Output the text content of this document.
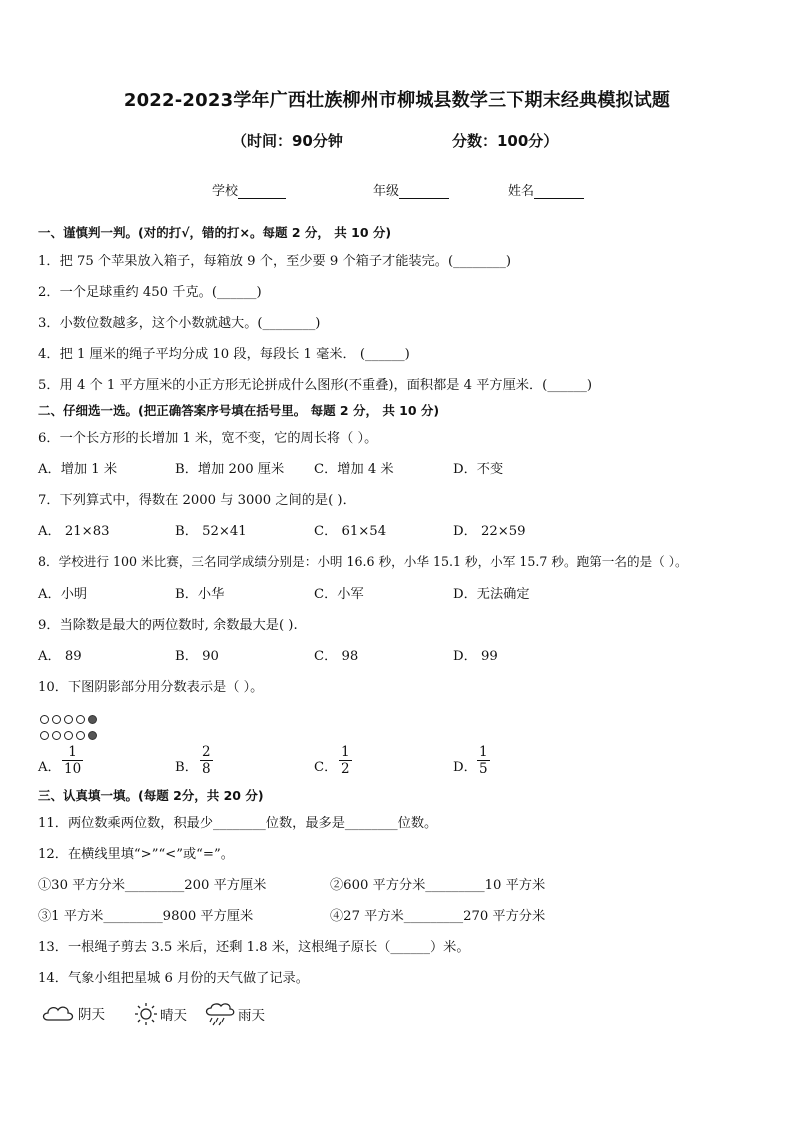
2022-2023学年广西壮族柳州市柳城县数学三下期末经典模拟试题
（时间：90分钟	分数：100分）
学校	年级	姓名
一、谨慎判一判。(对的打√，错的打×。每题 2 分， 共 10 分)
1．把 75 个苹果放入箱子，每箱放 9 个，至少要 9 个箱子才能装完。(________)
2．一个足球重约 450 千克。(______)
3．小数位数越多，这个小数就越大。(________)
4．把 1 厘米的绳子平均分成 10 段，每段长 1 毫米． (______)
5．用 4 个 1 平方厘米的小正方形无论拼成什么图形(不重叠)，面积都是 4 平方厘米．(______)
二、仔细选一选。(把正确答案序号填在括号里。 每题 2 分， 共 10 分)
6．一个长方形的长增加 1 米，宽不变，它的周长将（ ）。
A．增加 1 米	B．增加 200 厘米 C．增加 4 米	D．不变
7．下列算式中，得数在 2000 与 3000 之间的是( )．
A． 21×83	B． 52×41	C． 61×54	D． 22×59
8．学校进行 100 米比赛，三名同学成绩分别是：小明 16.6 秒，小华 15.1 秒，小军 15.7 秒。跑第一名的是（ ）。
A．小明	B．小华	C．小军	D．无法确定
9．当除数是最大的两位数时, 余数最大是( ).
A． 89	B． 90	C． 98	D． 99
10．下图阴影部分用分数表示是（ ）。
A．
1
10	B．
2
8	C．
1
2	D．
1
5
三、认真填一填。(每题 2分，共 20 分)
11．两位数乘两位数，积最少________位数，最多是________位数。
12．在横线里填“>”“<”或“=”。
①30 平方分米_________200 平方厘米	②600 平方分米_________10 平方米
③1 平方米_________9800 平方厘米	④27 平方米_________270 平方分米
13．一根绳子剪去 3.5 米后，还剩 1.8 米，这根绳子原长（______）米。
14．气象小组把星城 6 月份的天气做了记录。
阴天	晴天	雨天
